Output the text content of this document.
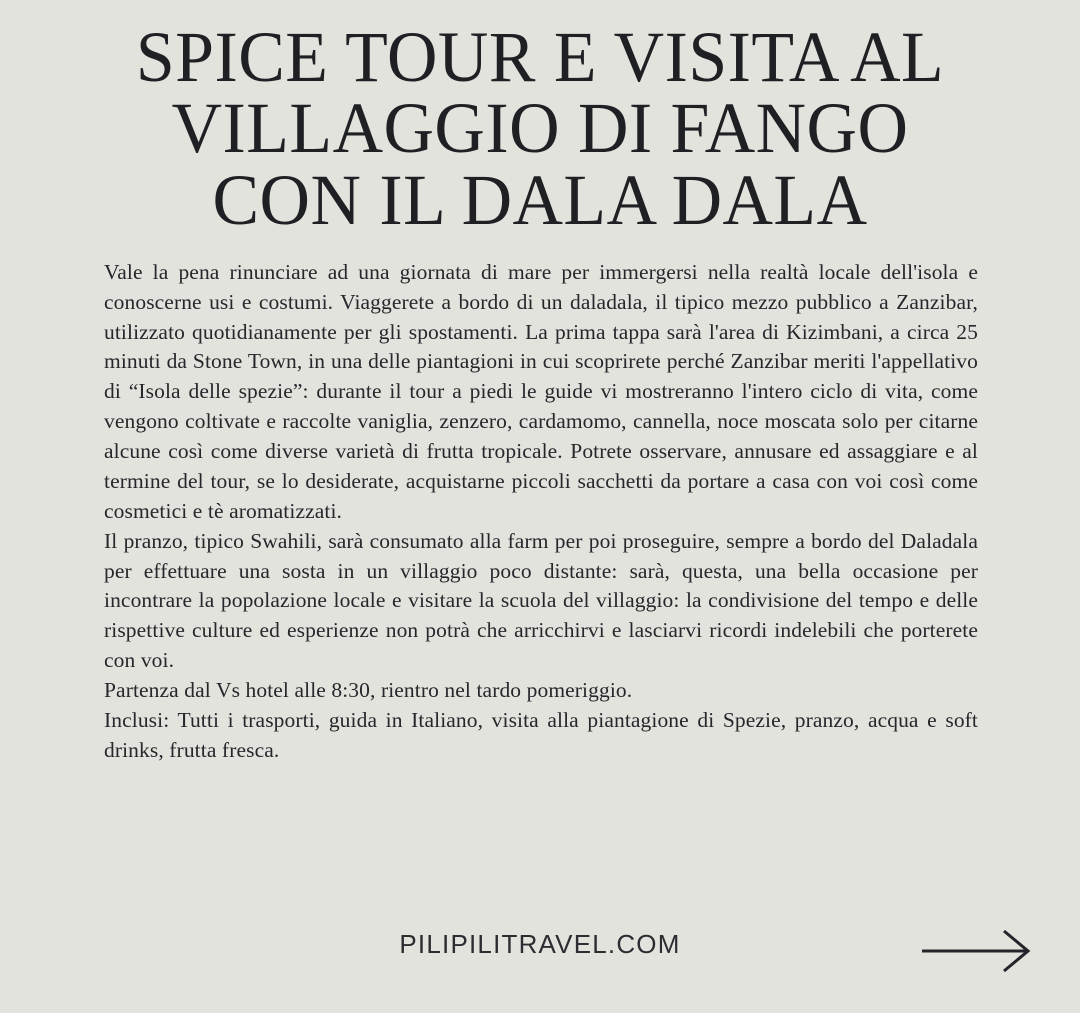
SPICE TOUR E VISITA AL
VILLAGGIO DI FANGO
CON IL DALA DALA

Vale la pena rinunciare ad una giornata di mare per immergersi nella realtà locale dell'isola e conoscerne usi e costumi. Viaggerete a bordo di un daladala, il tipico mezzo pubblico a Zanzibar, utilizzato quotidianamente per gli spostamenti. La prima tappa sarà l'area di Kizimbani, a circa 25 minuti da Stone Town, in una delle piantagioni in cui scoprirete perché Zanzibar meriti l'appellativo di “Isola delle spezie”: durante il tour a piedi le guide vi mostreranno l'intero ciclo di vita, come vengono coltivate e raccolte vaniglia, zenzero, cardamomo, cannella, noce moscata solo per citarne alcune così come diverse varietà di frutta tropicale. Potrete osservare, annusare ed assaggiare e al termine del tour, se lo desiderate, acquistarne piccoli sacchetti da portare a casa con voi così come cosmetici e tè aromatizzati.

Il pranzo, tipico Swahili, sarà consumato alla farm per poi proseguire, sempre a bordo del Daladala per effettuare una sosta in un villaggio poco distante: sarà, questa, una bella occasione per incontrare la popolazione locale e visitare la scuola del villaggio: la condivisione del tempo e delle rispettive culture ed esperienze non potrà che arricchirvi e lasciarvi ricordi indelebili che porterete con voi.

Partenza dal Vs hotel alle 8:30, rientro nel tardo pomeriggio.

Inclusi: Tutti i trasporti, guida in Italiano, visita alla piantagione di Spezie, pranzo, acqua e soft drinks, frutta fresca.

PILIPILITRAVEL.COM
